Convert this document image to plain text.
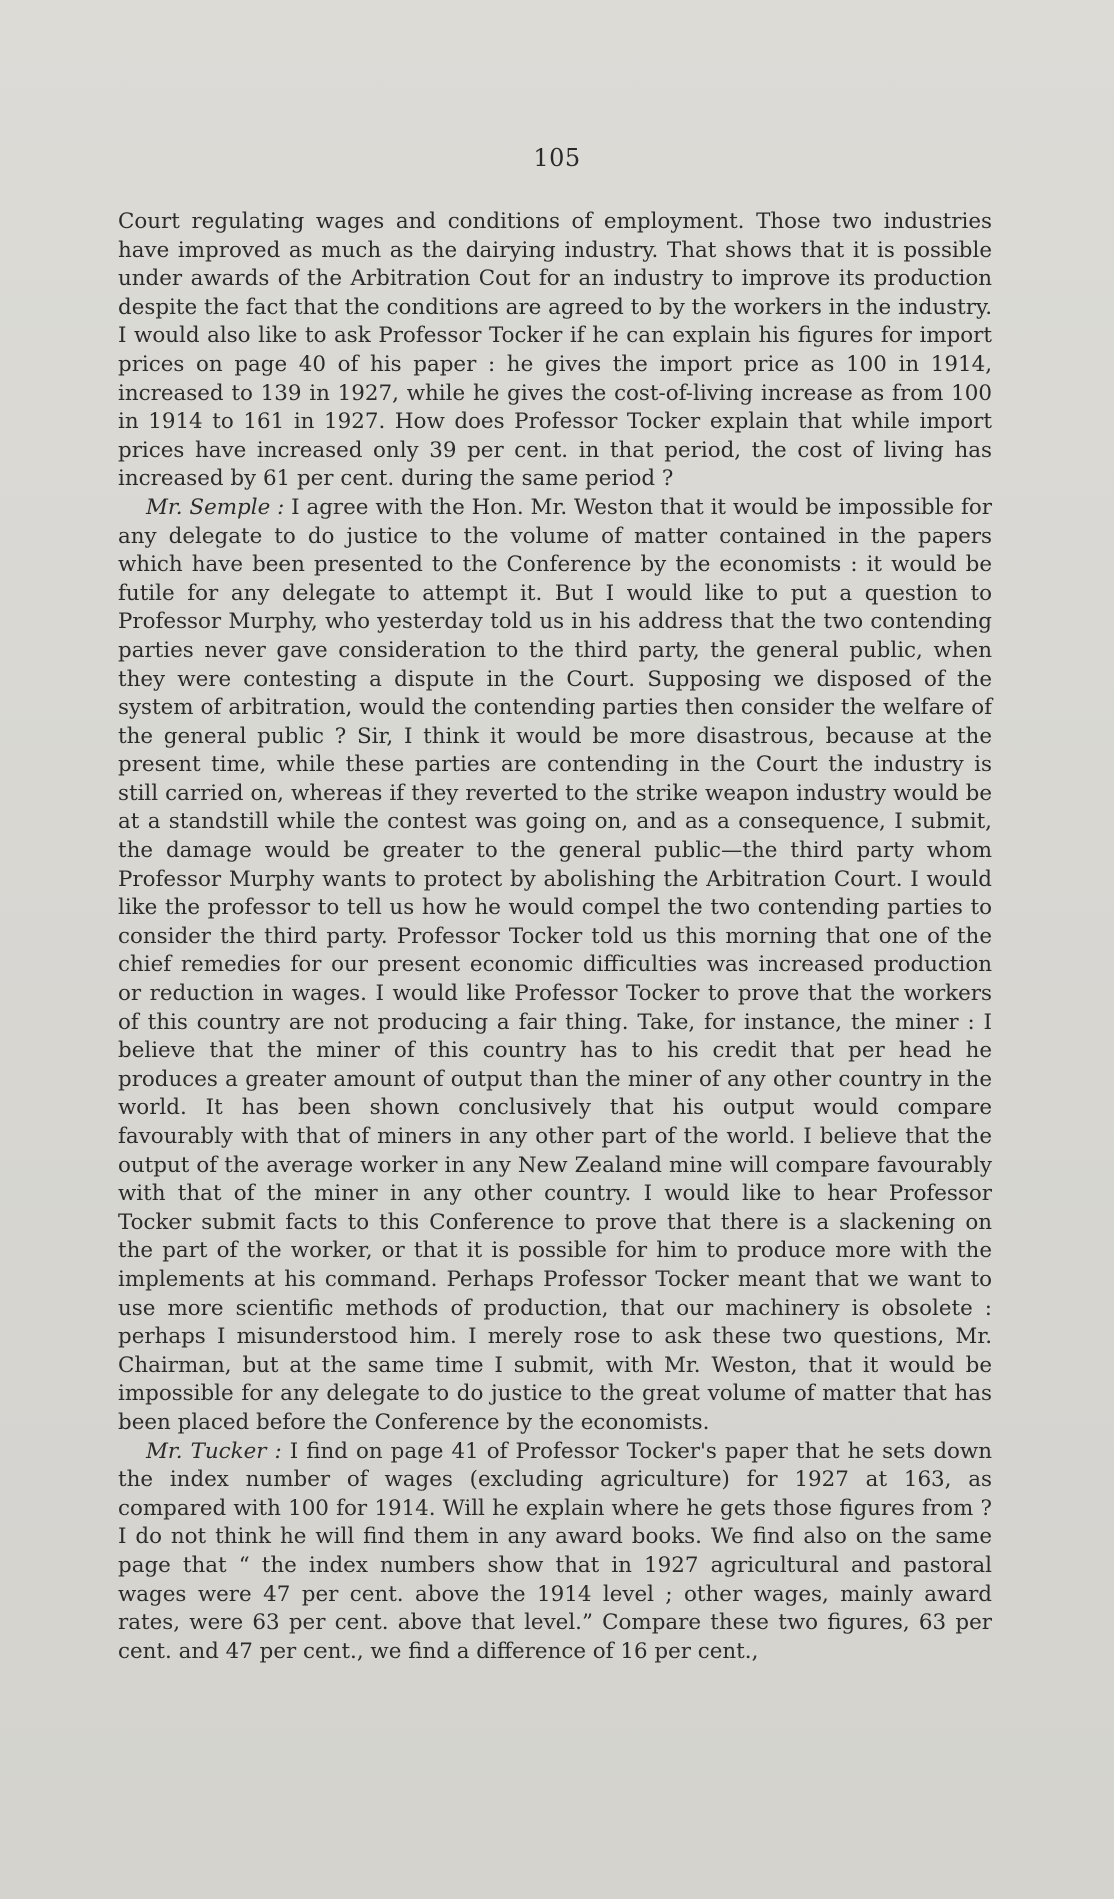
105

Court regulating wages and conditions of employment. Those two industries have improved as much as the dairying industry. That shows that it is possible under awards of the Arbitration Cout for an industry to improve its production despite the fact that the conditions are agreed to by the workers in the industry. I would also like to ask Professor Tocker if he can explain his figures for import prices on page 40 of his paper : he gives the import price as 100 in 1914, increased to 139 in 1927, while he gives the cost-of-living increase as from 100 in 1914 to 161 in 1927. How does Professor Tocker explain that while import prices have increased only 39 per cent. in that period, the cost of living has increased by 61 per cent. during the same period ?

Mr. Semple : I agree with the Hon. Mr. Weston that it would be impossible for any delegate to do justice to the volume of matter contained in the papers which have been presented to the Conference by the economists : it would be futile for any delegate to attempt it. But I would like to put a question to Professor Murphy, who yesterday told us in his address that the two contending parties never gave consideration to the third party, the general public, when they were contesting a dispute in the Court. Supposing we disposed of the system of arbitration, would the contending parties then consider the welfare of the general public ? Sir, I think it would be more disastrous, because at the present time, while these parties are contending in the Court the industry is still carried on, whereas if they reverted to the strike weapon industry would be at a standstill while the contest was going on, and as a consequence, I submit, the damage would be greater to the general public—the third party whom Professor Murphy wants to protect by abolishing the Arbitration Court. I would like the professor to tell us how he would compel the two contending parties to consider the third party. Professor Tocker told us this morning that one of the chief remedies for our present economic difficulties was increased production or reduction in wages. I would like Professor Tocker to prove that the workers of this country are not producing a fair thing. Take, for instance, the miner : I believe that the miner of this country has to his credit that per head he produces a greater amount of output than the miner of any other country in the world. It has been shown conclusively that his output would compare favourably with that of miners in any other part of the world. I believe that the output of the average worker in any New Zealand mine will compare favourably with that of the miner in any other country. I would like to hear Professor Tocker submit facts to this Conference to prove that there is a slackening on the part of the worker, or that it is possible for him to produce more with the implements at his command. Perhaps Professor Tocker meant that we want to use more scientific methods of production, that our machinery is obsolete : perhaps I misunderstood him. I merely rose to ask these two questions, Mr. Chairman, but at the same time I submit, with Mr. Weston, that it would be impossible for any delegate to do justice to the great volume of matter that has been placed before the Conference by the economists.

Mr. Tucker : I find on page 41 of Professor Tocker's paper that he sets down the index number of wages (excluding agriculture) for 1927 at 163, as compared with 100 for 1914. Will he explain where he gets those figures from ? I do not think he will find them in any award books. We find also on the same page that “ the index numbers show that in 1927 agricultural and pastoral wages were 47 per cent. above the 1914 level ; other wages, mainly award rates, were 63 per cent. above that level.” Compare these two figures, 63 per cent. and 47 per cent., we find a difference of 16 per cent.,
